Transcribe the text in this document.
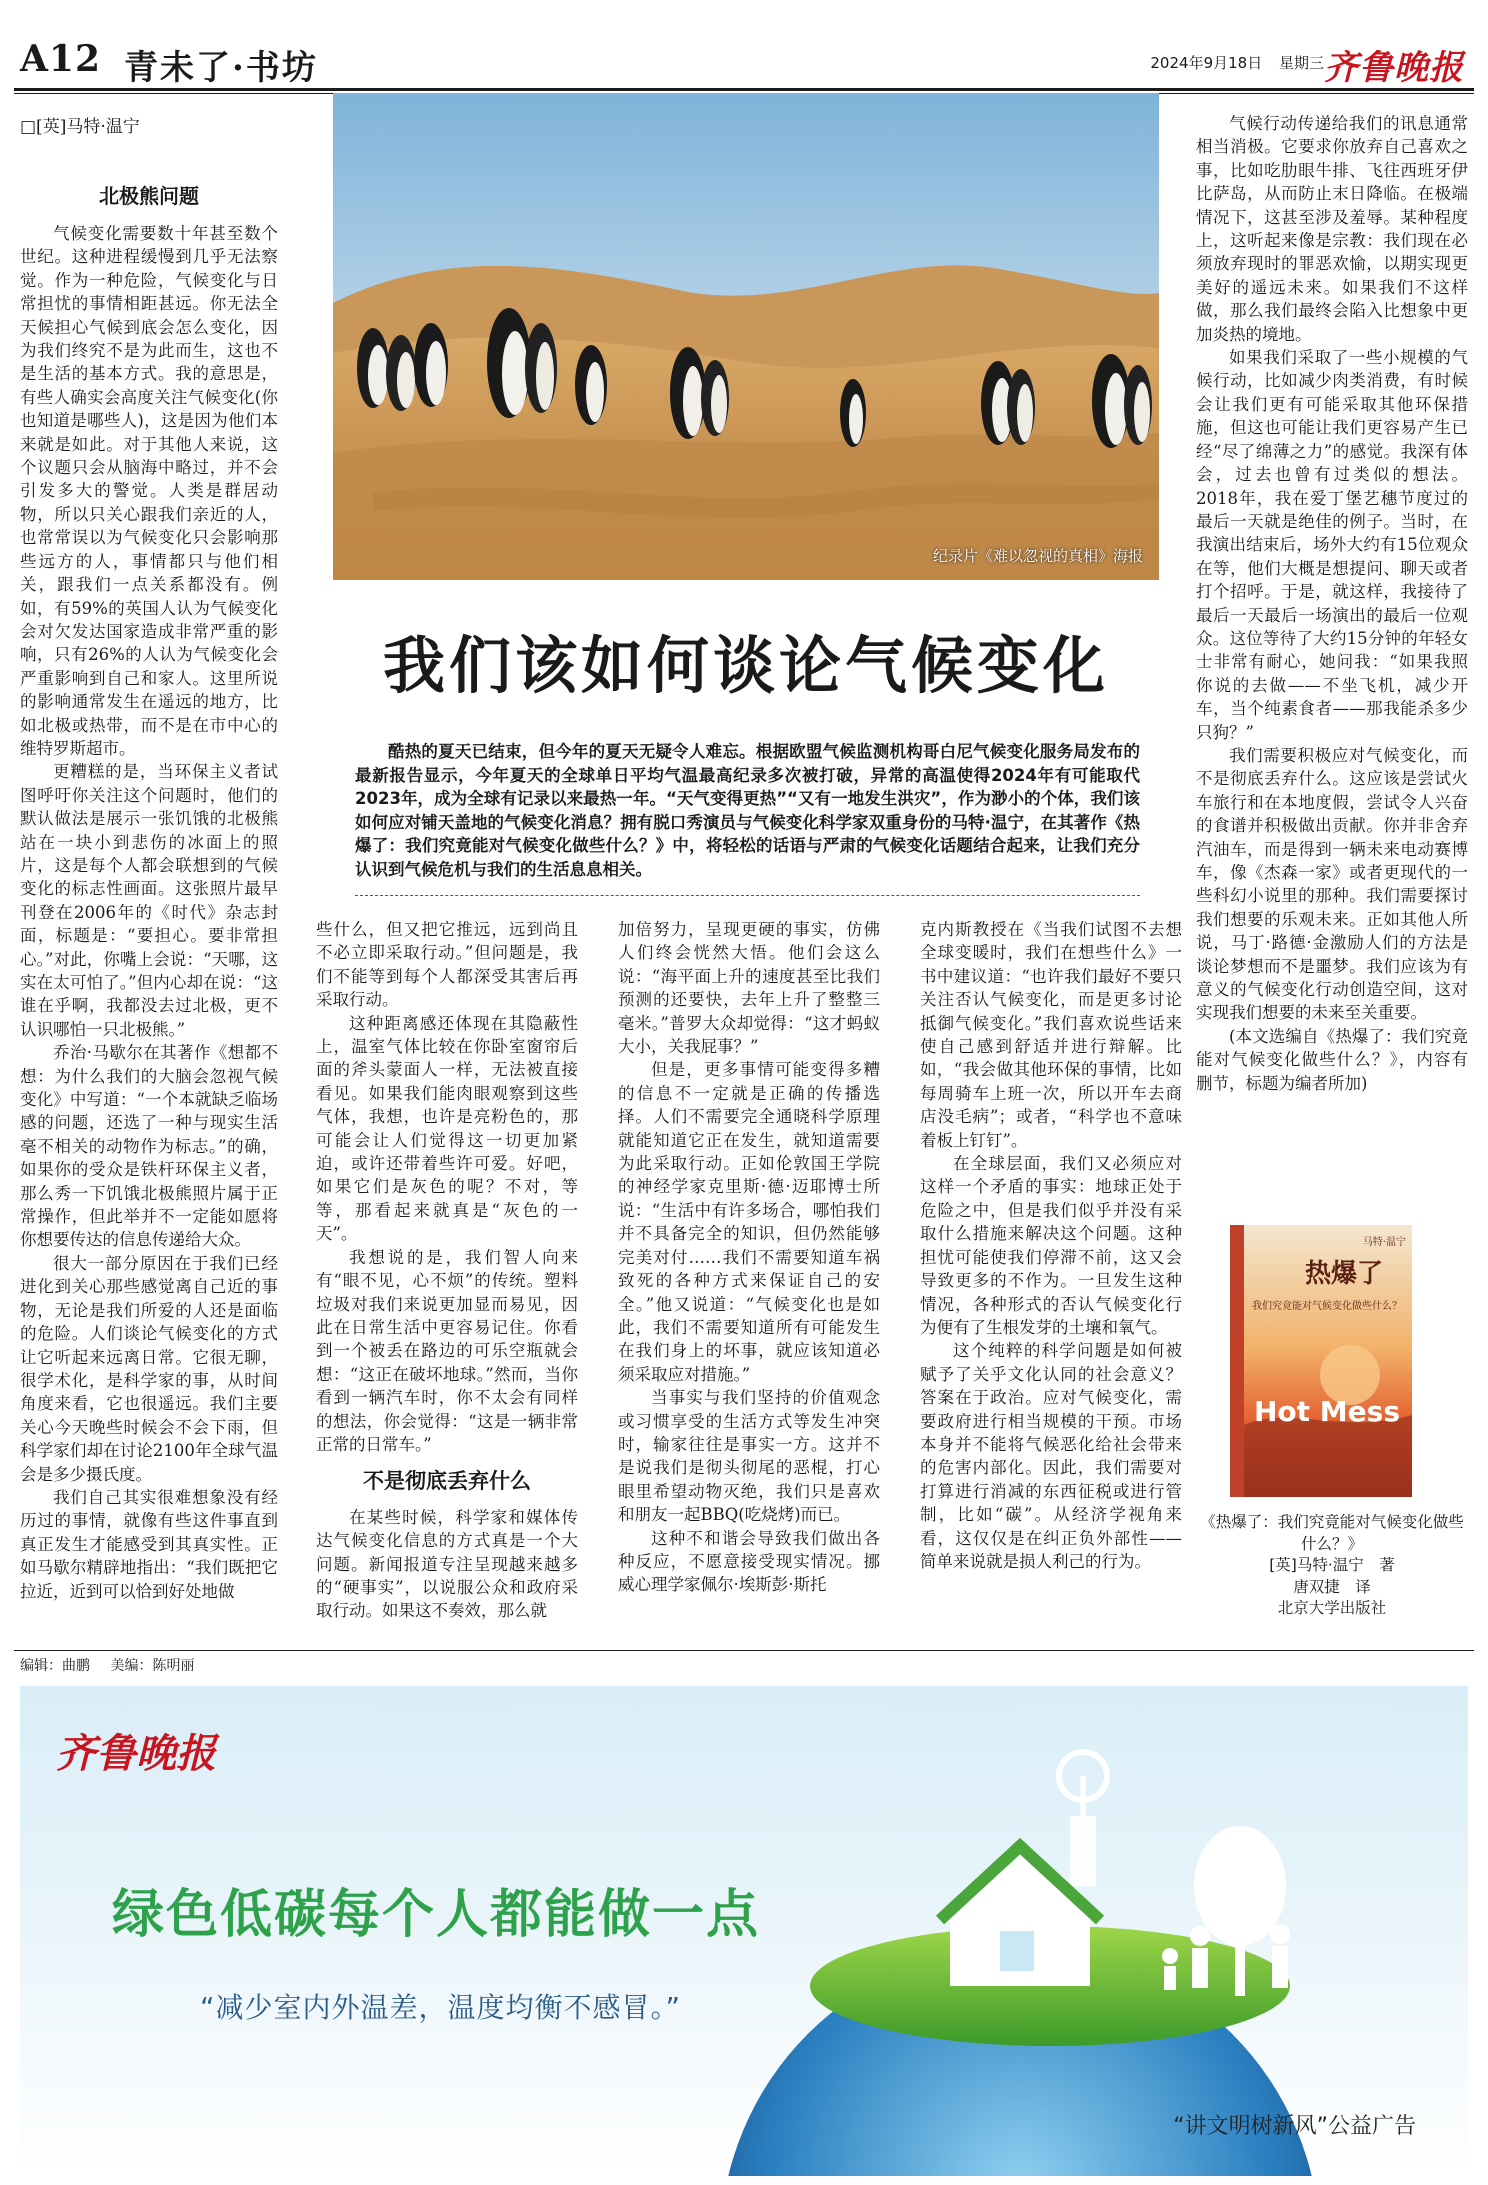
A12 青未了·书坊	2024年9月18日 星期三 齐鲁晚报
□[英]马特·温宁
北极熊问题

气候变化需要数十年甚至数个世纪。这种进程缓慢到几乎无法察觉。作为一种危险，气候变化与日常担忧的事情相距甚远。你无法全天候担心气候到底会怎么变化，因为我们终究不是为此而生，这也不是生活的基本方式。我的意思是，有些人确实会高度关注气候变化(你也知道是哪些人)，这是因为他们本来就是如此。对于其他人来说，这个议题只会从脑海中略过，并不会引发多大的警觉。人类是群居动物，所以只关心跟我们亲近的人，也常常误以为气候变化只会影响那些远方的人，事情都只与他们相关，跟我们一点关系都没有。例如，有59%的英国人认为气候变化会对欠发达国家造成非常严重的影响，只有26%的人认为气候变化会严重影响到自己和家人。这里所说的影响通常发生在遥远的地方，比如北极或热带，而不是在市中心的维特罗斯超市。

更糟糕的是，当环保主义者试图呼吁你关注这个问题时，他们的默认做法是展示一张饥饿的北极熊站在一块小到悲伤的冰面上的照片，这是每个人都会联想到的气候变化的标志性画面。这张照片最早刊登在2006年的《时代》杂志封面，标题是：“要担心。要非常担心。”对此，你嘴上会说：“天哪，这实在太可怕了。”但内心却在说：“这谁在乎啊，我都没去过北极，更不认识哪怕一只北极熊。”

乔治·马歇尔在其著作《想都不想：为什么我们的大脑会忽视气候变化》中写道：“一个本就缺乏临场感的问题，还选了一种与现实生活毫不相关的动物作为标志。”的确，如果你的受众是铁杆环保主义者，那么秀一下饥饿北极熊照片属于正常操作，但此举并不一定能如愿将你想要传达的信息传递给大众。

很大一部分原因在于我们已经进化到关心那些感觉离自己近的事物，无论是我们所爱的人还是面临的危险。人们谈论气候变化的方式让它听起来远离日常。它很无聊，很学术化，是科学家的事，从时间角度来看，它也很遥远。我们主要关心今天晚些时候会不会下雨，但科学家们却在讨论2100年全球气温会是多少摄氏度。

我们自己其实很难想象没有经历过的事情，就像有些这件事直到真正发生才能感受到其真实性。正如马歇尔精辟地指出：“我们既把它拉近，近到可以恰到好处地做

纪录片《难以忽视的真相》海报
我们该如何谈论气候变化
酷热的夏天已结束，但今年的夏天无疑令人难忘。根据欧盟气候监测机构哥白尼气候变化服务局发布的最新报告显示，今年夏天的全球单日平均气温最高纪录多次被打破，异常的高温使得2024年有可能取代2023年，成为全球有记录以来最热一年。“天气变得更热”“又有一地发生洪灾”，作为渺小的个体，我们该如何应对铺天盖地的气候变化消息？拥有脱口秀演员与气候变化科学家双重身份的马特·温宁，在其著作《热爆了：我们究竟能对气候变化做些什么？》中，将轻松的话语与严肃的气候变化话题结合起来，让我们充分认识到气候危机与我们的生活息息相关。

些什么，但又把它推远，远到尚且不必立即采取行动。”但问题是，我们不能等到每个人都深受其害后再采取行动。

这种距离感还体现在其隐蔽性上，温室气体比较在你卧室窗帘后面的斧头蒙面人一样，无法被直接看见。如果我们能肉眼观察到这些气体，我想，也许是亮粉色的，那可能会让人们觉得这一切更加紧迫，或许还带着些许可爱。好吧，如果它们是灰色的呢？不对，等等，那看起来就真是“灰色的一天”。

我想说的是，我们智人向来有“眼不见，心不烦”的传统。塑料垃圾对我们来说更加显而易见，因此在日常生活中更容易记住。你看到一个被丢在路边的可乐空瓶就会想：“这正在破坏地球。”然而，当你看到一辆汽车时，你不太会有同样的想法，你会觉得：“这是一辆非常正常的日常车。”

不是彻底丢弃什么

在某些时候，科学家和媒体传达气候变化信息的方式真是一个大问题。新闻报道专注呈现越来越多的“硬事实”，以说服公众和政府采取行动。如果这不奏效，那么就

加倍努力，呈现更硬的事实，仿佛人们终会恍然大悟。他们会这么说：“海平面上升的速度甚至比我们预测的还要快，去年上升了整整三毫米。”普罗大众却觉得：“这才蚂蚁大小，关我屁事？”

但是，更多事情可能变得多糟的信息不一定就是正确的传播选择。人们不需要完全通晓科学原理就能知道它正在发生，就知道需要为此采取行动。正如伦敦国王学院的神经学家克里斯·德·迈耶博士所说：“生活中有许多场合，哪怕我们并不具备完全的知识，但仍然能够完美对付……我们不需要知道车祸致死的各种方式来保证自己的安全。”他又说道：“气候变化也是如此，我们不需要知道所有可能发生在我们身上的坏事，就应该知道必须采取应对措施。”

当事实与我们坚持的价值观念或习惯享受的生活方式等发生冲突时，输家往往是事实一方。这并不是说我们是彻头彻尾的恶棍，打心眼里希望动物灭绝，我们只是喜欢和朋友一起BBQ(吃烧烤)而已。

这种不和谐会导致我们做出各种反应，不愿意接受现实情况。挪威心理学家佩尔·埃斯彭·斯托

克内斯教授在《当我们试图不去想全球变暖时，我们在想些什么》一书中建议道：“也许我们最好不要只关注否认气候变化，而是更多讨论抵御气候变化。”我们喜欢说些话来使自己感到舒适并进行辩解。比如，“我会做其他环保的事情，比如每周骑车上班一次，所以开车去商店没毛病”；或者，“科学也不意味着板上钉钉”。

在全球层面，我们又必须应对这样一个矛盾的事实：地球正处于危险之中，但是我们似乎并没有采取什么措施来解决这个问题。这种担忧可能使我们停滞不前，这又会导致更多的不作为。一旦发生这种情况，各种形式的否认气候变化行为便有了生根发芽的土壤和氧气。

这个纯粹的科学问题是如何被赋予了关乎文化认同的社会意义？答案在于政治。应对气候变化，需要政府进行相当规模的干预。市场本身并不能将气候恶化给社会带来的危害内部化。因此，我们需要对打算进行消减的东西征税或进行管制，比如“碳”。从经济学视角来看，这仅仅是在纠正负外部性——简单来说就是损人利己的行为。

气候行动传递给我们的讯息通常相当消极。它要求你放弃自己喜欢之事，比如吃肋眼牛排、飞往西班牙伊比萨岛，从而防止末日降临。在极端情况下，这甚至涉及羞辱。某种程度上，这听起来像是宗教：我们现在必须放弃现时的罪恶欢愉，以期实现更美好的遥远未来。如果我们不这样做，那么我们最终会陷入比想象中更加炎热的境地。

如果我们采取了一些小规模的气候行动，比如减少肉类消费，有时候会让我们更有可能采取其他环保措施，但这也可能让我们更容易产生已经“尽了绵薄之力”的感觉。我深有体会，过去也曾有过类似的想法。2018年，我在爱丁堡艺穗节度过的最后一天就是绝佳的例子。当时，在我演出结束后，场外大约有15位观众在等，他们大概是想提问、聊天或者打个招呼。于是，就这样，我接待了最后一天最后一场演出的最后一位观众。这位等待了大约15分钟的年轻女士非常有耐心，她问我：“如果我照你说的去做——不坐飞机，减少开车，当个纯素食者——那我能杀多少只狗？”

我们需要积极应对气候变化，而不是彻底丢弃什么。这应该是尝试火车旅行和在本地度假，尝试令人兴奋的食谱并积极做出贡献。你并非舍弃汽油车，而是得到一辆未来电动赛博车，像《杰森一家》或者更现代的一些科幻小说里的那种。我们需要探讨我们想要的乐观未来。正如其他人所说，马丁·路德·金激励人们的方法是谈论梦想而不是噩梦。我们应该为有意义的气候变化行动创造空间，这对实现我们想要的未来至关重要。

(本文选编自《热爆了：我们究竟能对气候变化做些什么？》，内容有删节，标题为编者所加)

热爆了
我们究竟能对气候变化做些什么？
Hot Mess
马特·温宁
《热爆了：我们究竟能对气候变化做些什么？》
[英]马特·温宁　著
唐双捷　译
北京大学出版社
编辑：曲鹏 美编：陈明丽
齐鲁晚报
绿色低碳每个人都能做一点
“减少室内外温差，温度均衡不感冒。”
“讲文明树新风”公益广告
